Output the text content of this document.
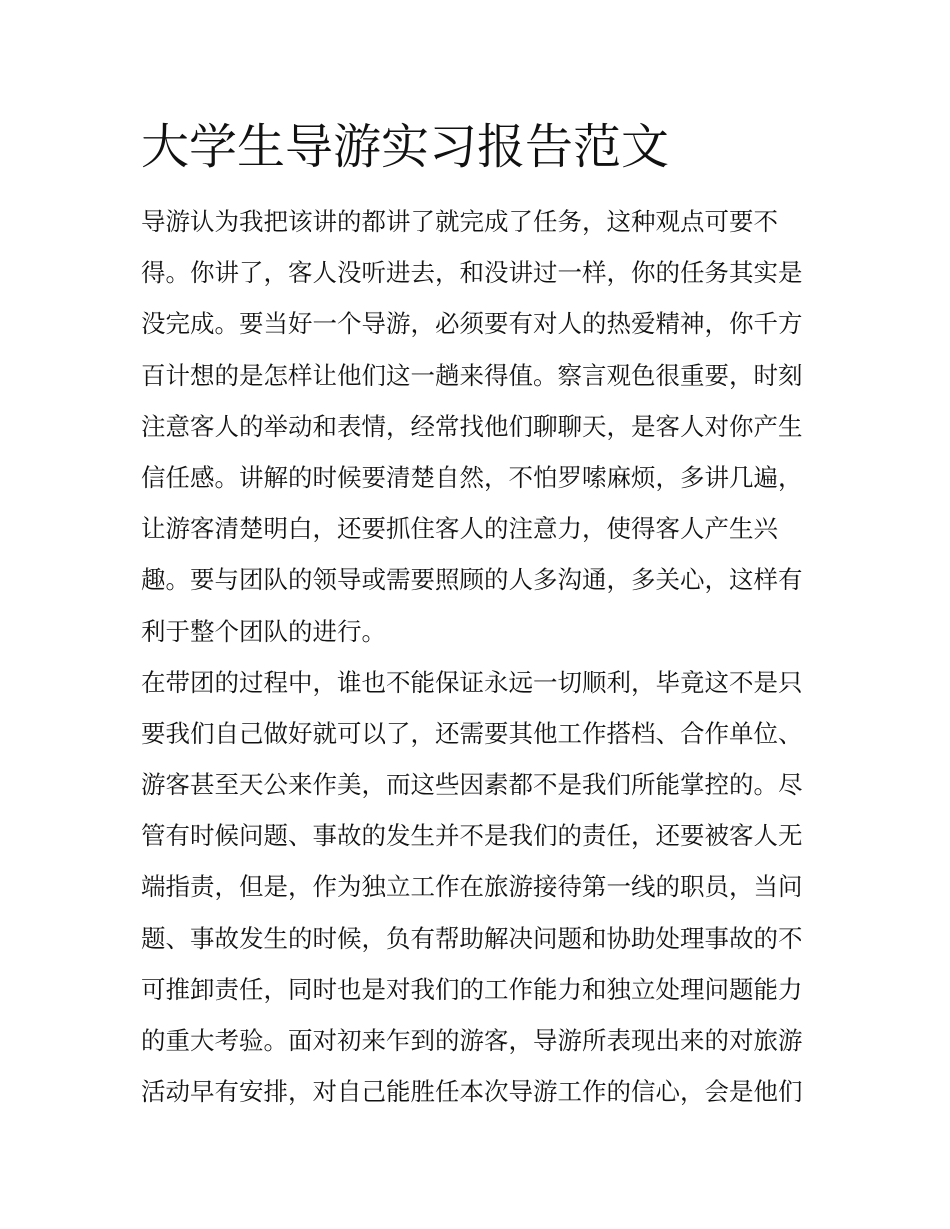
大学生导游实习报告范文
导游认为我把该讲的都讲了就完成了任务，这种观点可要不
得。你讲了，客人没听进去，和没讲过一样，你的任务其实是
没完成。要当好一个导游，必须要有对人的热爱精神，你千方
百计想的是怎样让他们这一趟来得值。察言观色很重要，时刻
注意客人的举动和表情，经常找他们聊聊天，是客人对你产生
信任感。讲解的时候要清楚自然，不怕罗嗦麻烦，多讲几遍，
让游客清楚明白，还要抓住客人的注意力，使得客人产生兴
趣。要与团队的领导或需要照顾的人多沟通，多关心，这样有
利于整个团队的进行。
在带团的过程中，谁也不能保证永远一切顺利，毕竟这不是只
要我们自己做好就可以了，还需要其他工作搭档、合作单位、
游客甚至天公来作美，而这些因素都不是我们所能掌控的。尽
管有时候问题、事故的发生并不是我们的责任，还要被客人无
端指责，但是，作为独立工作在旅游接待第一线的职员，当问
题、事故发生的时候，负有帮助解决问题和协助处理事故的不
可推卸责任，同时也是对我们的工作能力和独立处理问题能力
的重大考验。面对初来乍到的游客，导游所表现出来的对旅游
活动早有安排，对自己能胜任本次导游工作的信心，会是他们
